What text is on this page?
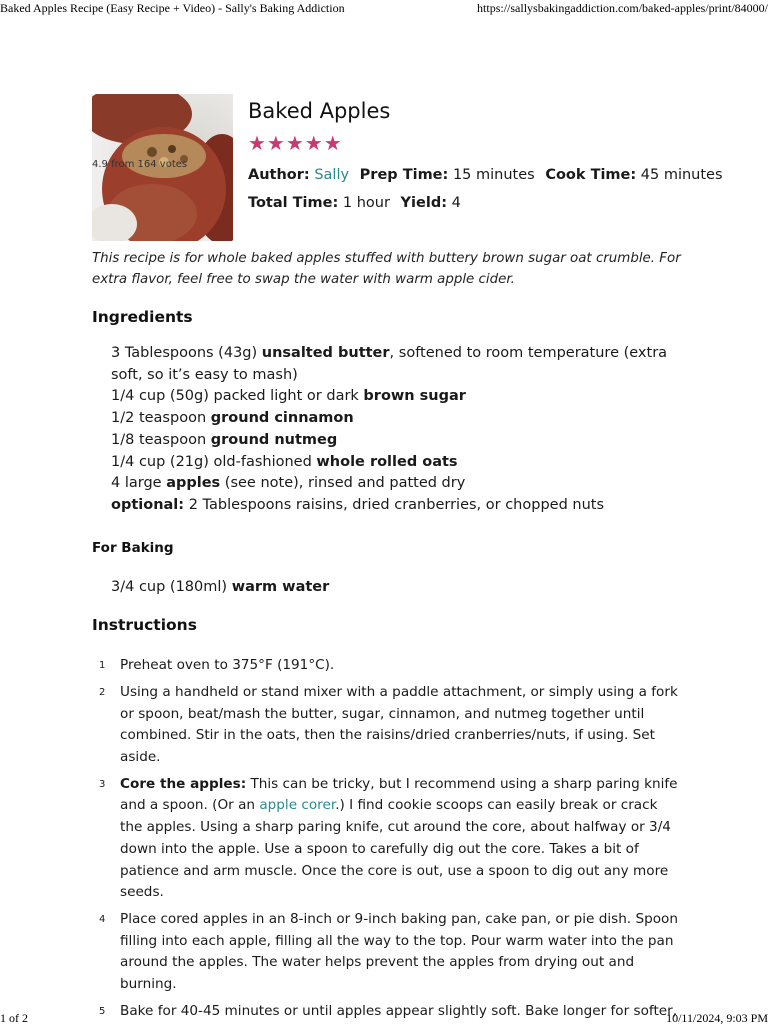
Baked Apples Recipe (Easy Recipe + Video) - Sally's Baking Addiction	https://sallysbakingaddiction.com/baked-apples/print/84000/
4.9 from 164 votes
Baked Apples
★★★★★
Author: Sally Prep Time: 15 minutes Cook Time: 45 minutes
Total Time: 1 hour Yield: 4
This recipe is for whole baked apples stuffed with buttery brown sugar oat crumble. For extra flavor, feel free to swap the water with warm apple cider.
Ingredients
3 Tablespoons (43g) unsalted butter, softened to room temperature (extra soft, so it’s easy to mash)
1/4 cup (50g) packed light or dark brown sugar
1/2 teaspoon ground cinnamon
1/8 teaspoon ground nutmeg
1/4 cup (21g) old-fashioned whole rolled oats
4 large apples (see note), rinsed and patted dry
optional: 2 Tablespoons raisins, dried cranberries, or chopped nuts
For Baking
3/4 cup (180ml) warm water
Instructions
1	Preheat oven to 375°F (191°C).
2	Using a handheld or stand mixer with a paddle attachment, or simply using a fork or spoon, beat/mash the butter, sugar, cinnamon, and nutmeg together until combined. Stir in the oats, then the raisins/dried cranberries/nuts, if using. Set aside.
3	Core the apples: This can be tricky, but I recommend using a sharp paring knife and a spoon. (Or an apple corer.) I find cookie scoops can easily break or crack the apples. Using a sharp paring knife, cut around the core, about halfway or 3/4 down into the apple. Use a spoon to carefully dig out the core. Takes a bit of patience and arm muscle. Once the core is out, use a spoon to dig out any more seeds.
4	Place cored apples in an 8-inch or 9-inch baking pan, cake pan, or pie dish. Spoon filling into each apple, filling all the way to the top. Pour warm water into the pan around the apples. The water helps prevent the apples from drying out and burning.
5	Bake for 40-45 minutes or until apples appear slightly soft. Bake longer for softer,
1 of 2	10/11/2024, 9:03 PM
